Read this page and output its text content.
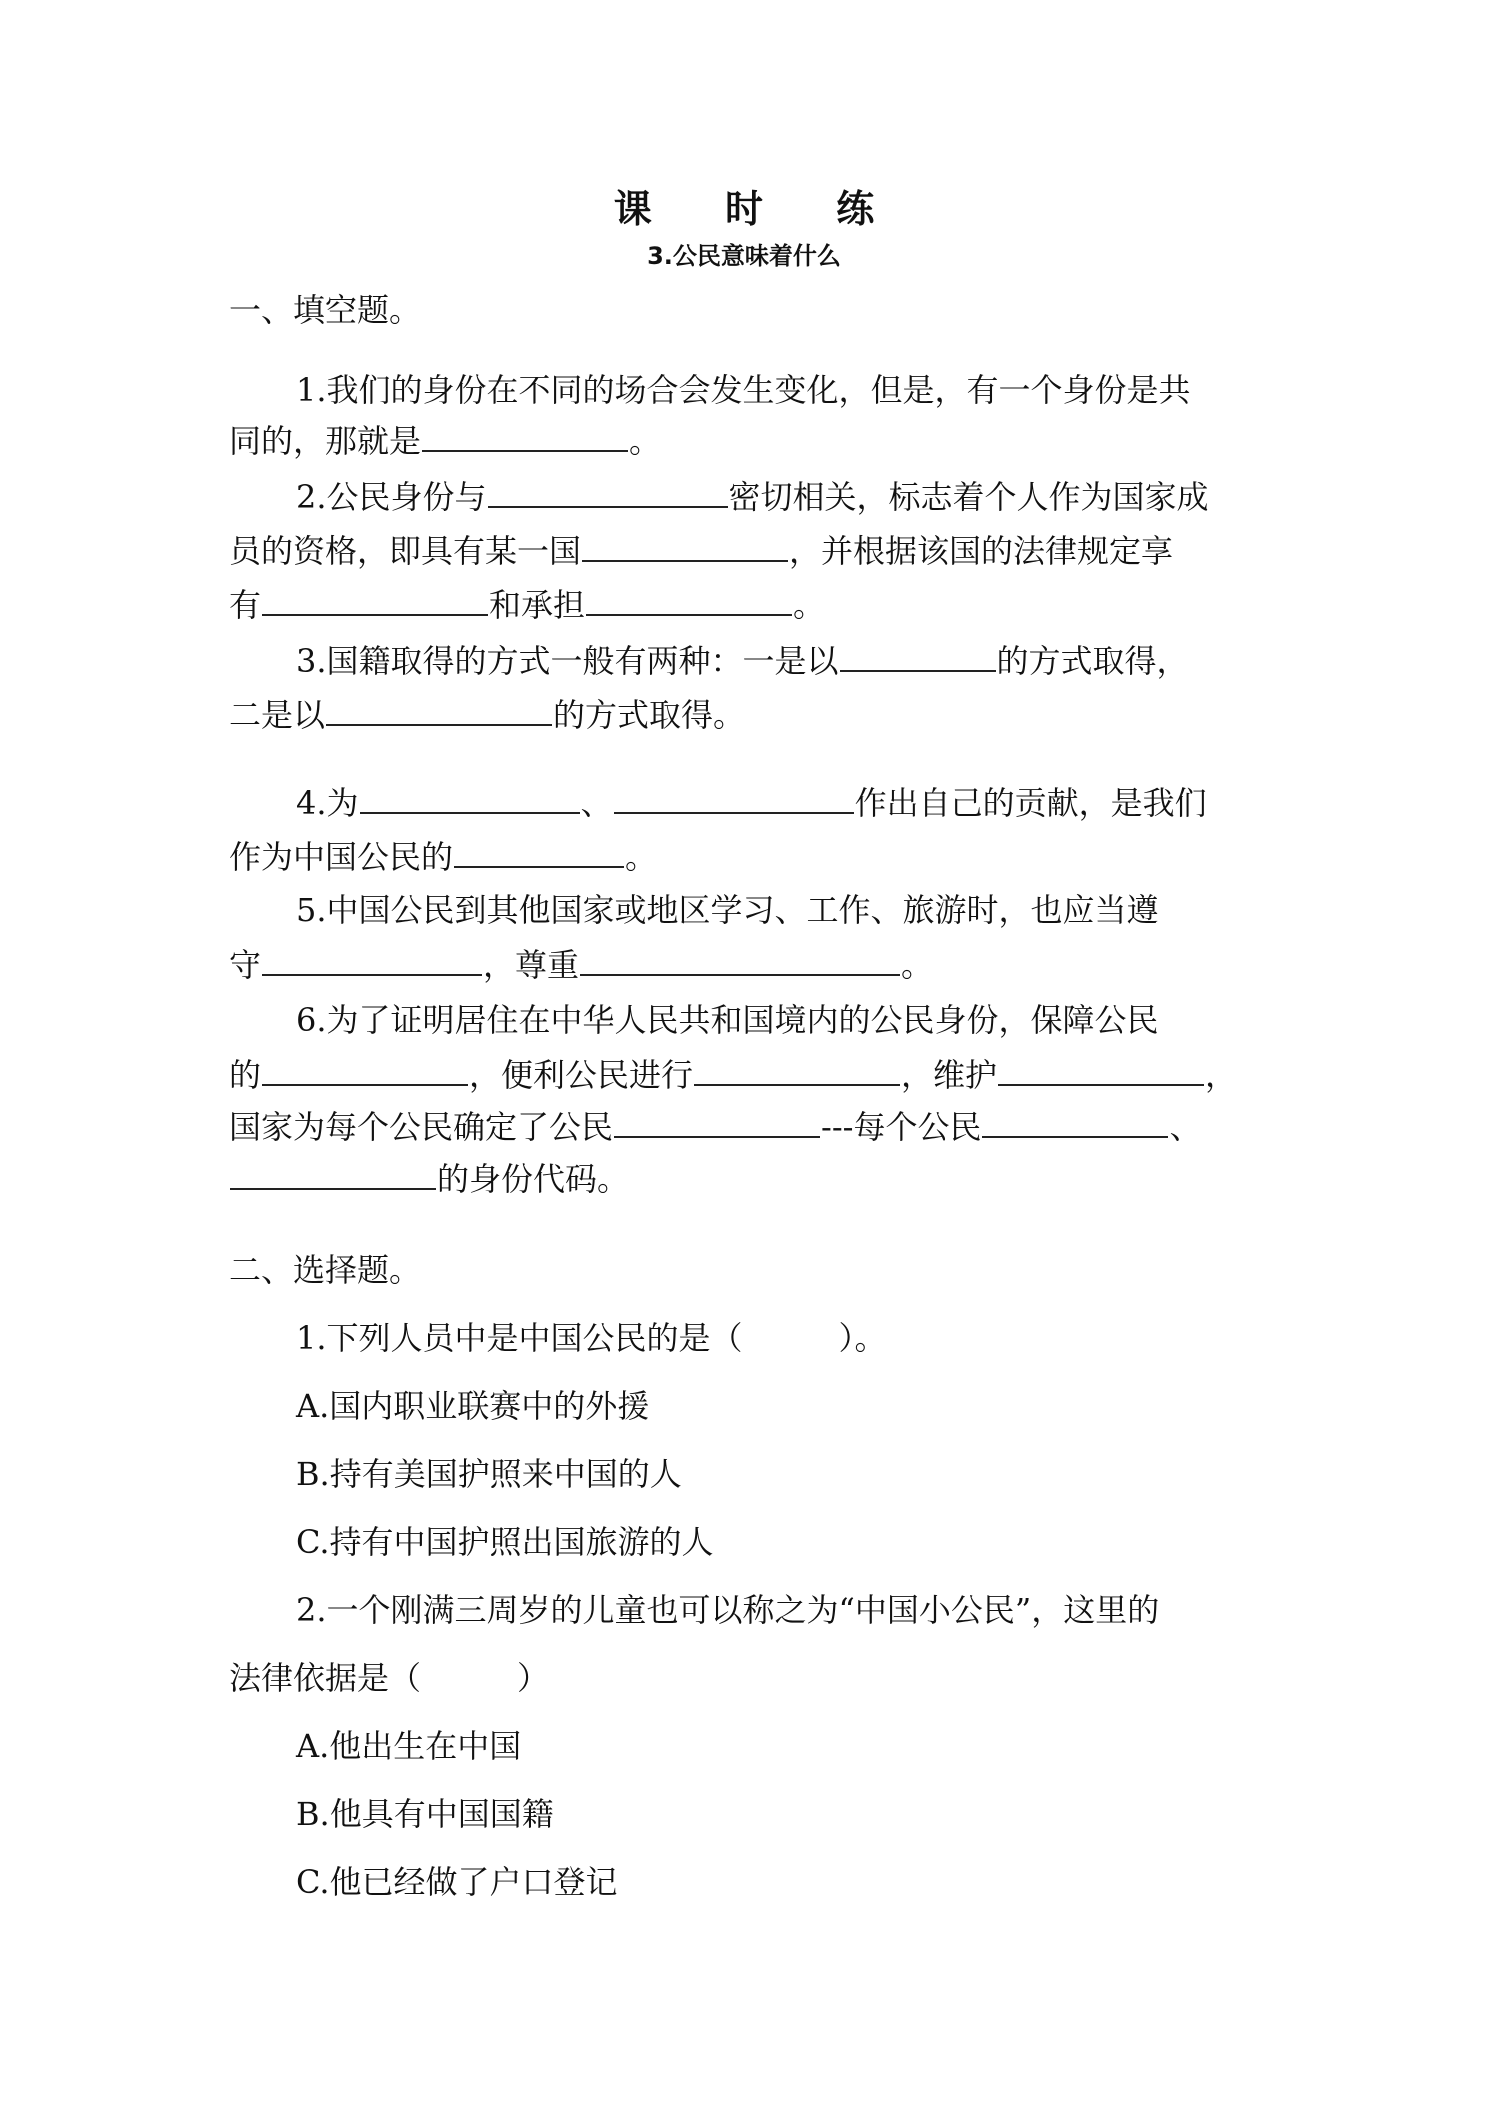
课 时 练
3.公民意味着什么
一、填空题。
1.我们的身份在不同的场合会发生变化，但是，有一个身份是共
同的，那就是	。
2.公民身份与	密切相关，标志着个人作为国家成
员的资格，即具有某一国	，并根据该国的法律规定享
有	和承担	。
3.国籍取得的方式一般有两种：一是以	的方式取得，
二是以	的方式取得。
4.为	、	作出自己的贡献，是我们
作为中国公民的	。
5.中国公民到其他国家或地区学习、工作、旅游时，也应当遵
守	，尊重	。
6.为了证明居住在中华人民共和国境内的公民身份，保障公民
的	，便利公民进行	，维护	，
国家为每个公民确定了公民	---每个公民	、
的身份代码。
二、选择题。
1.下列人员中是中国公民的是（　　　）。
A.国内职业联赛中的外援
B.持有美国护照来中国的人
C.持有中国护照出国旅游的人
2.一个刚满三周岁的儿童也可以称之为“中国小公民”，这里的
法律依据是（　　　）
A.他出生在中国
B.他具有中国国籍
C.他已经做了户口登记
